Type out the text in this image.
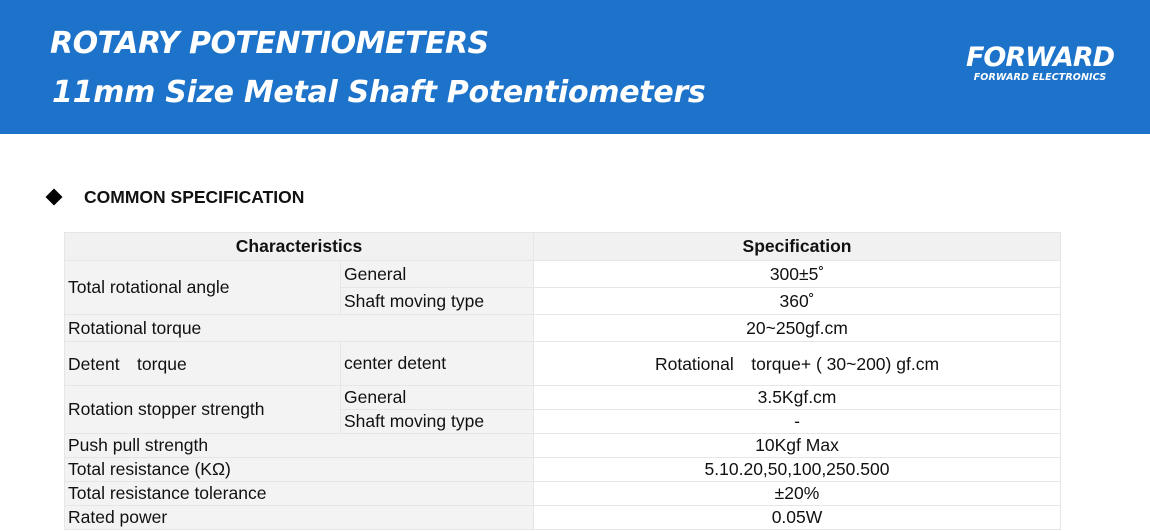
ROTARY POTENTIOMETERS
11mm Size Metal Shaft Potentiometers
FORWARD
FORWARD ELECTRONICS
COMMON SPECIFICATION
Characteristics		Specification
Total rotational angle	General	300±5˚
	Shaft moving type	360˚
Rotational torque		20~250gf.cm
Detent　torque	center detent	Rotational　torque+ ( 30~200) gf.cm
Rotation stopper strength	General	3.5Kgf.cm
	Shaft moving type	-
Push pull strength		10Kgf Max
Total resistance (KΩ)		5.10.20,50,100,250.500
Total resistance tolerance		±20%
Rated power		0.05W
